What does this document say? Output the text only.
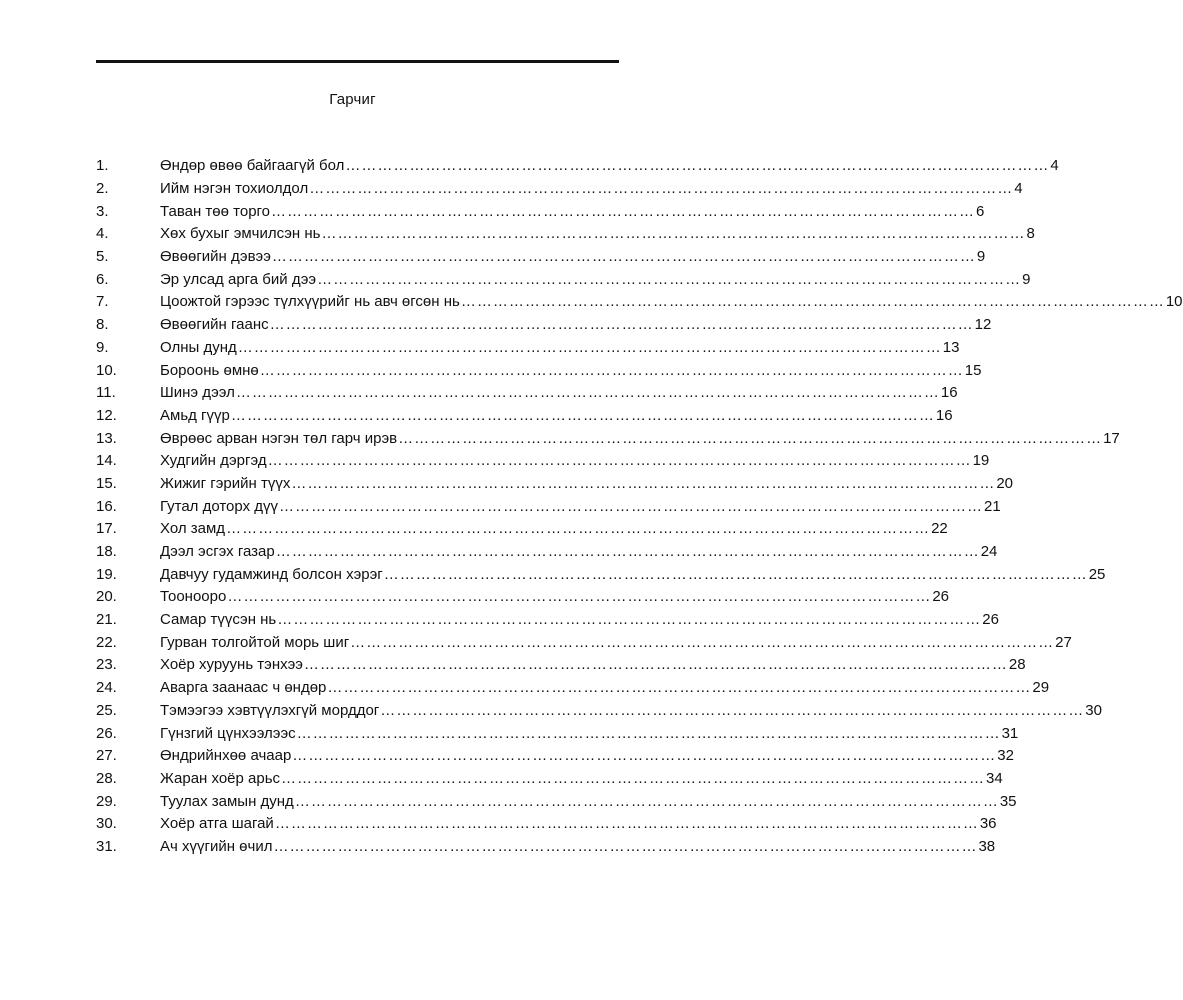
Гарчиг
1.	Өндөр өвөө байгаагүй бол …………………………………………………………………………………………………………………… 4
2.	Ийм нэгэн тохиолдол …………………………………………………………………………………………………………………… 4
3.	Таван төө торго …………………………………………………………………………………………………………………… 6
4.	Хөх бухыг эмчилсэн нь …………………………………………………………………………………………………………………… 8
5.	Өвөөгийн дэвээ …………………………………………………………………………………………………………………… 9
6.	Эр улсад арга бий дээ …………………………………………………………………………………………………………………… 9
7.	Цоожтой гэрээс түлхүүрийг нь авч өгсөн нь …………………………………………………………………………………………………………………… 10
8.	Өвөөгийн гаанс …………………………………………………………………………………………………………………… 12
9.	Олны дунд …………………………………………………………………………………………………………………… 13
10.	Бороонь өмнө …………………………………………………………………………………………………………………… 15
11.	Шинэ дээл …………………………………………………………………………………………………………………… 16
12.	Амьд гүүр …………………………………………………………………………………………………………………… 16
13.	Өврөөс арван нэгэн төл гарч ирэв …………………………………………………………………………………………………………………… 17
14.	Худгийн дэргэд …………………………………………………………………………………………………………………… 19
15.	Жижиг гэрийн түүх …………………………………………………………………………………………………………………… 20
16.	Гутал доторх дүү …………………………………………………………………………………………………………………… 21
17.	Хол замд …………………………………………………………………………………………………………………… 22
18.	Дээл эсгэх газар …………………………………………………………………………………………………………………… 24
19.	Давчуу гудамжинд болсон хэрэг …………………………………………………………………………………………………………………… 25
20.	Тоонооро …………………………………………………………………………………………………………………… 26
21.	Самар түүсэн нь …………………………………………………………………………………………………………………… 26
22.	Гурван толгойтой морь шиг …………………………………………………………………………………………………………………… 27
23.	Хоёр хуруунь тэнхээ …………………………………………………………………………………………………………………… 28
24.	Аварга заанаас ч өндөр …………………………………………………………………………………………………………………… 29
25.	Тэмээгээ хэвтүүлэхгүй морддог …………………………………………………………………………………………………………………… 30
26.	Гүнзгий цүнхээлээс …………………………………………………………………………………………………………………… 31
27.	Өндрийнхөө ачаар …………………………………………………………………………………………………………………… 32
28.	Жаран хоёр арьс …………………………………………………………………………………………………………………… 34
29.	Туулах замын дунд …………………………………………………………………………………………………………………… 35
30.	Хоёр атга шагай …………………………………………………………………………………………………………………… 36
31.	Ач хүүгийн өчил …………………………………………………………………………………………………………………… 38
